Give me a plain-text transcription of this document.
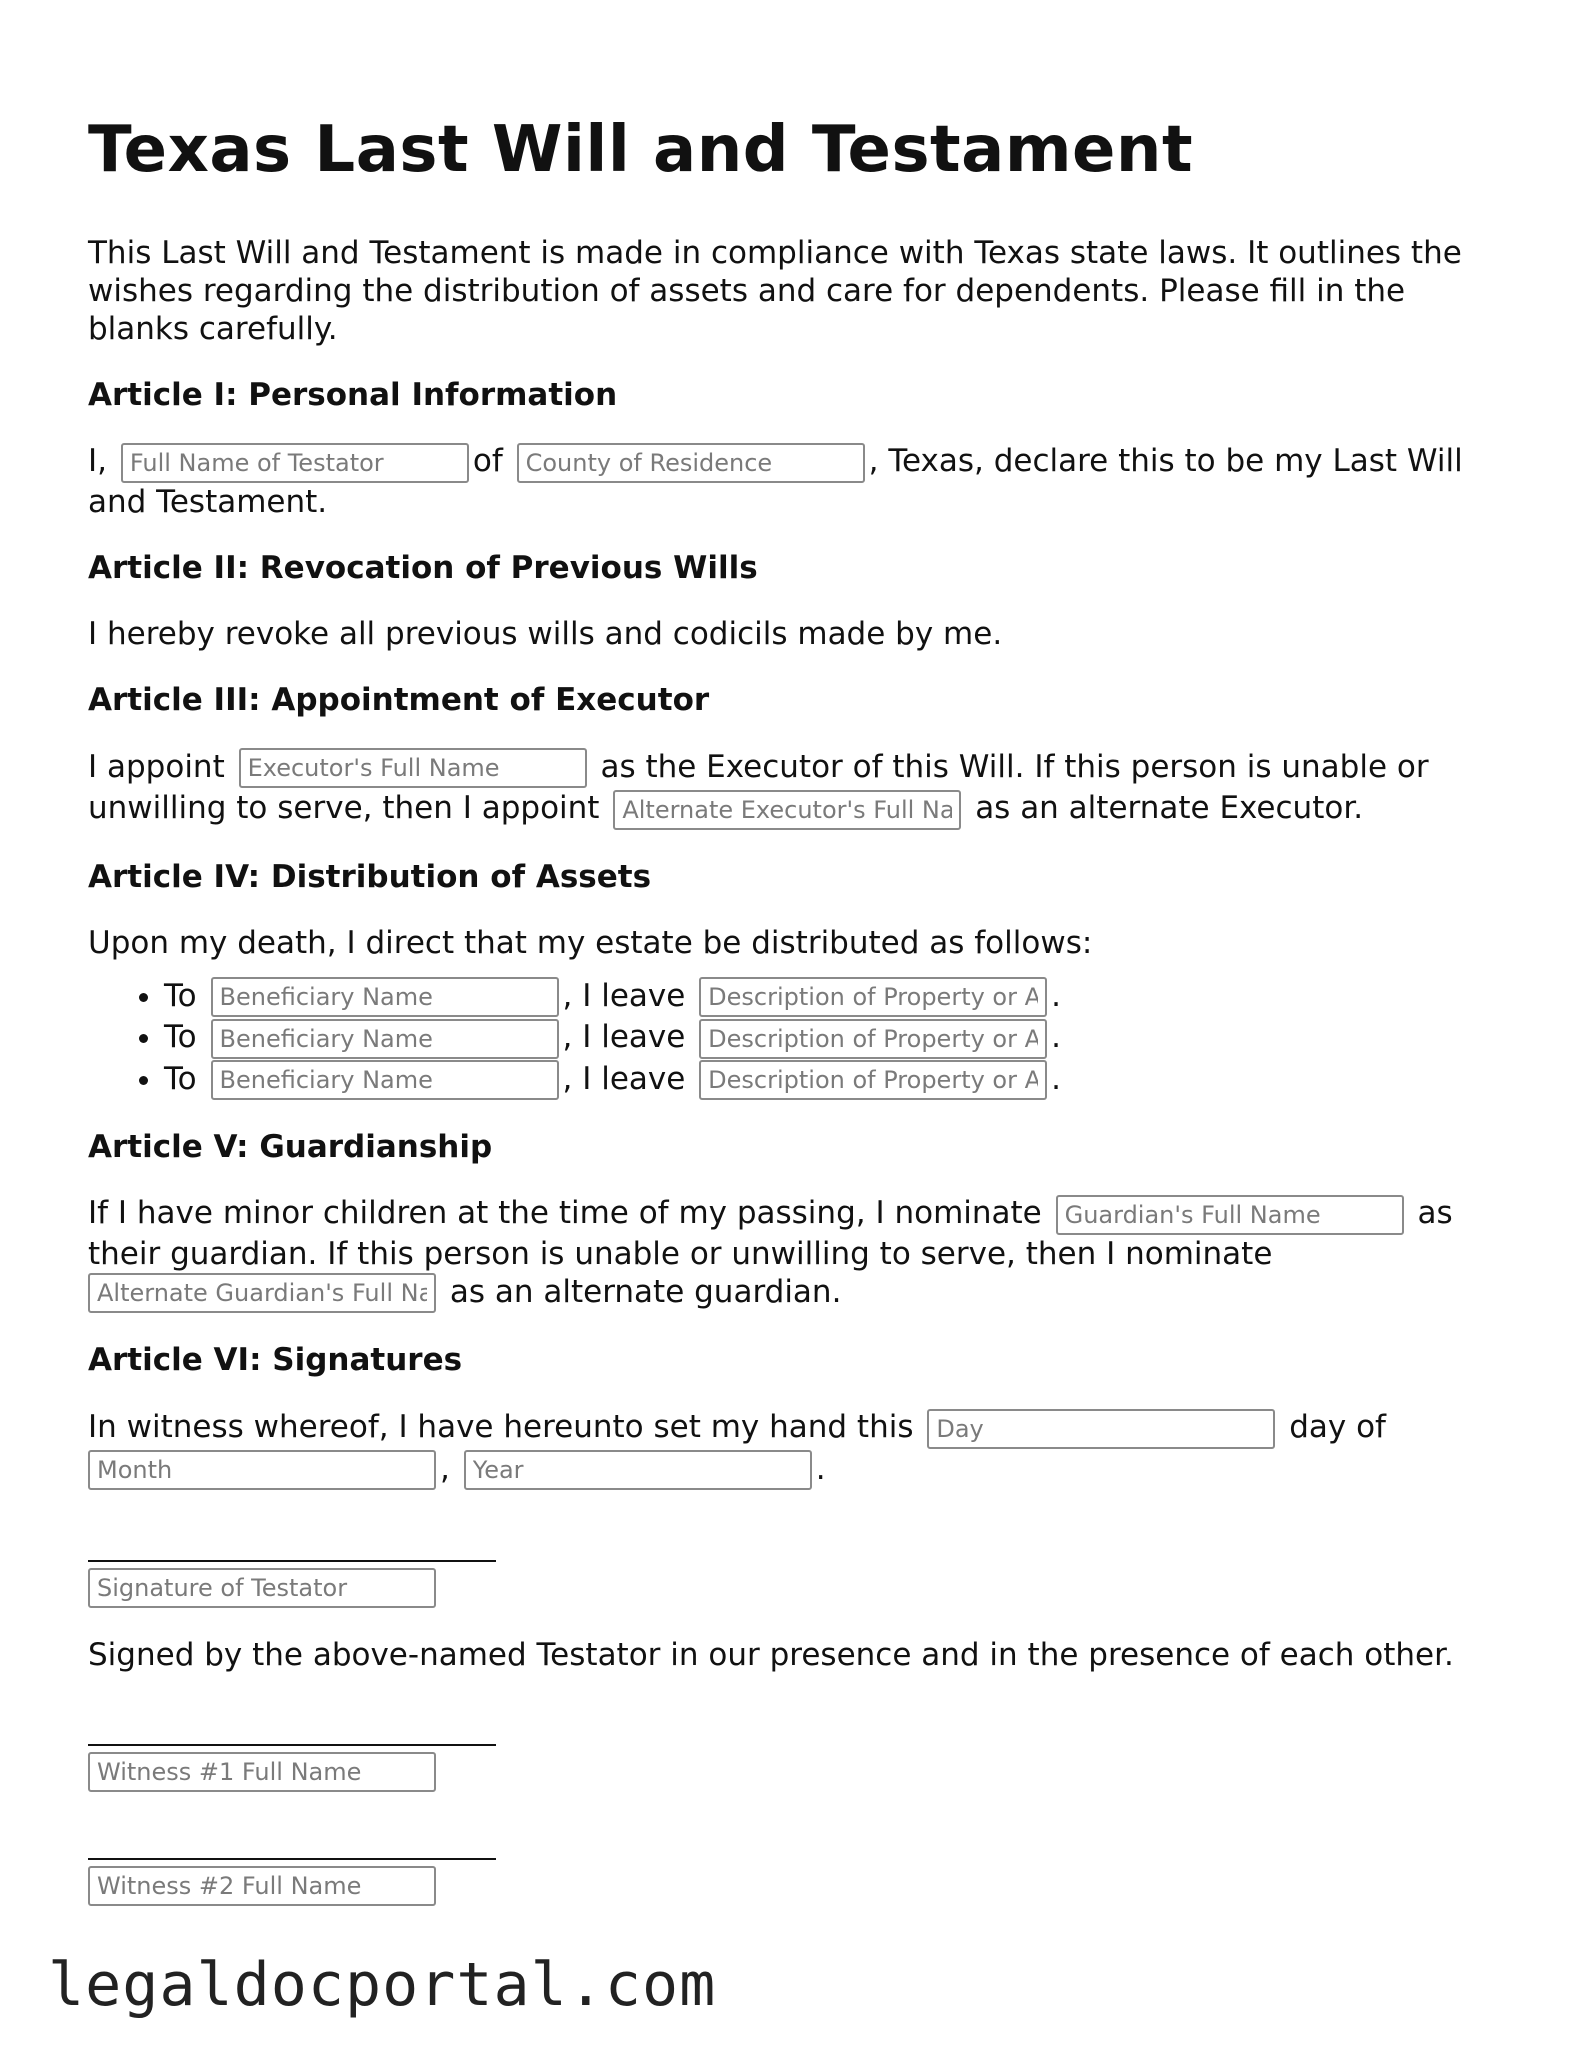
Texas Last Will and Testament

This Last Will and Testament is made in compliance with Texas state laws. It outlines the wishes regarding the distribution of assets and care for dependents. Please fill in the blanks carefully.

Article I: Personal Information

I, Full Name of Testator	of County of Residence	, Texas, declare this to be my Last Will and Testament.

Article II: Revocation of Previous Wills

I hereby revoke all previous wills and codicils made by me.

Article III: Appointment of Executor

I appoint Executor's Full Name	as the Executor of this Will. If this person is unable or unwilling to serve, then I appoint Alternate Executor's Full Name	as an alternate Executor.

Article IV: Distribution of Assets

Upon my death, I direct that my estate be distributed as follows:

• To Beneficiary Name	, I leave Description of Property or Assets	.
• To Beneficiary Name	, I leave Description of Property or Assets	.
• To Beneficiary Name	, I leave Description of Property or Assets	.
Article V: Guardianship

If I have minor children at the time of my passing, I nominate Guardian's Full Name	as their guardian. If this person is unable or unwilling to serve, then I nominate Alternate Guardian's Full Name as an alternate guardian.

Article VI: Signatures

In witness whereof, I have hereunto set my hand this Day	day of Month, Year	.

Signature of Testator

Signed by the above-named Testator in our presence and in the presence of each other.

Witness #1 Full Name
Witness #2 Full Name
legaldocportal.com
